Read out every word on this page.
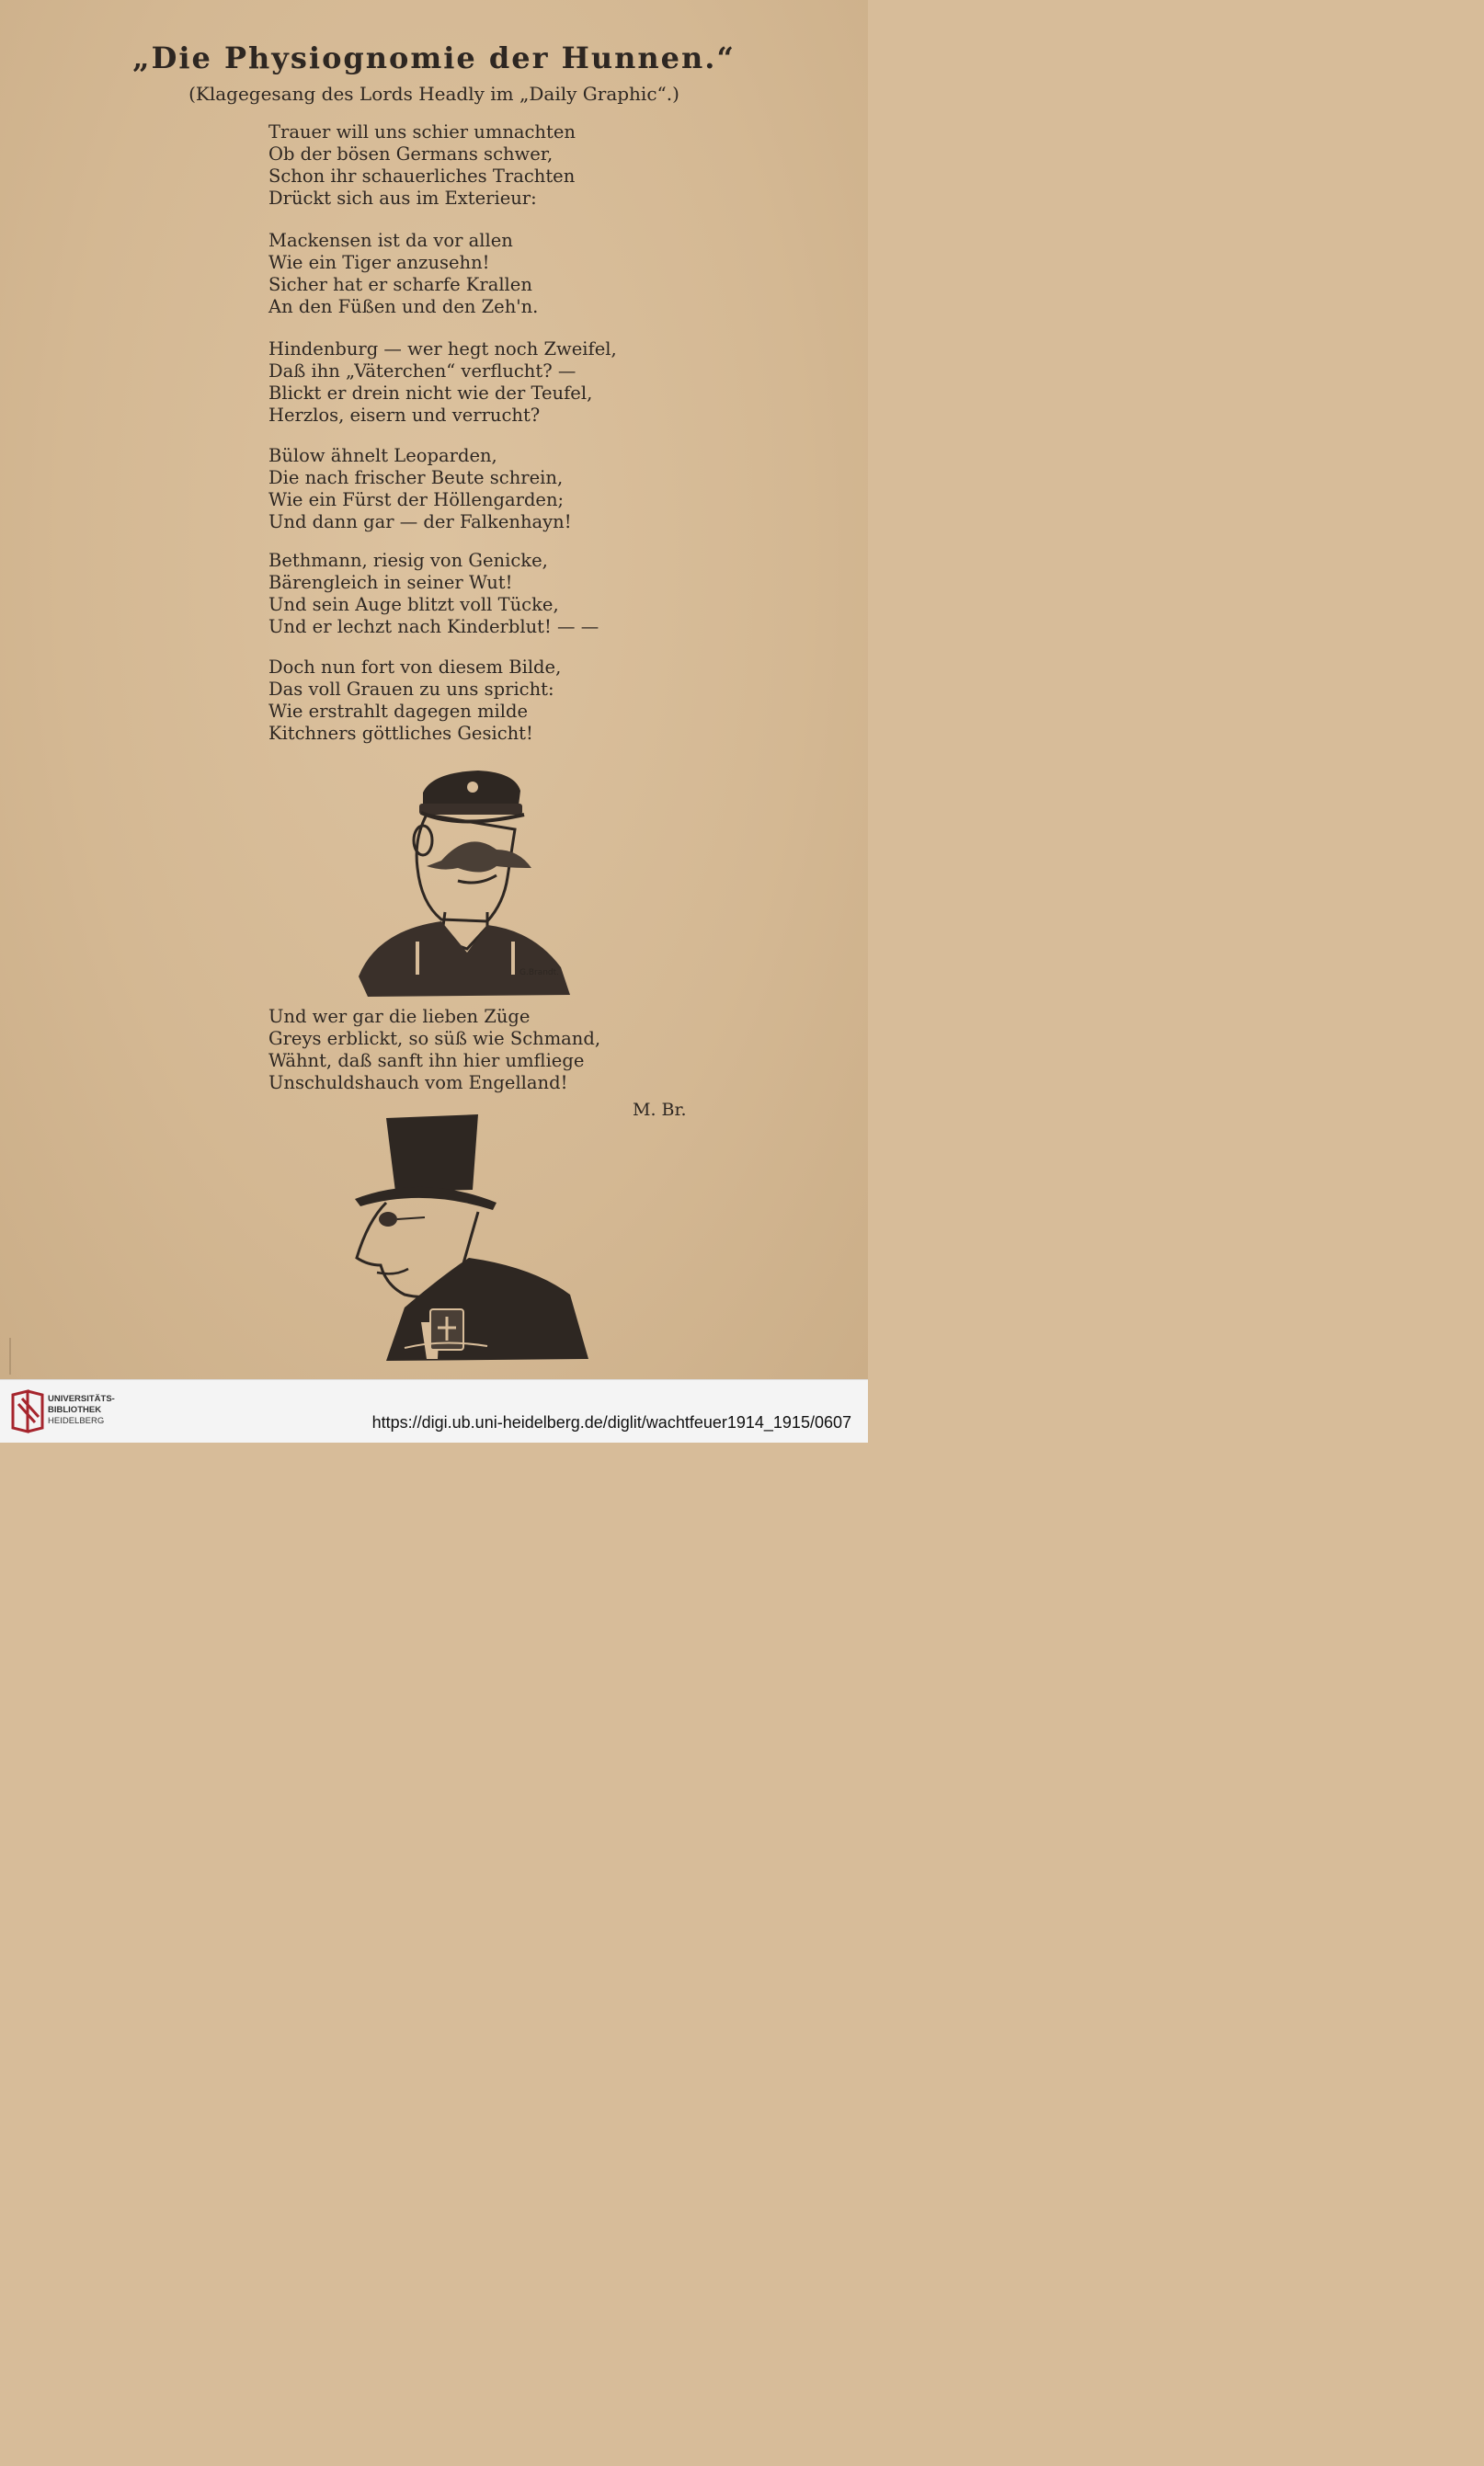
„Die Physiognomie der Hunnen.“
(Klagegesang des Lords Headly im „Daily Graphic“.)
Trauer will uns schier umnachten
Ob der bösen Germans schwer,
Schon ihr schauerliches Trachten
Drückt sich aus im Exterieur:
Mackensen ist da vor allen
Wie ein Tiger anzusehn!
Sicher hat er scharfe Krallen
An den Füßen und den Zeh'n.
Hindenburg — wer hegt noch Zweifel,
Daß ihn „Väterchen“ verflucht? —
Blickt er drein nicht wie der Teufel,
Herzlos, eisern und verrucht?
Bülow ähnelt Leoparden,
Die nach frischer Beute schrein,
Wie ein Fürst der Höllengarden;
Und dann gar — der Falkenhayn!
Bethmann, riesig von Genicke,
Bärengleich in seiner Wut!
Und sein Auge blitzt voll Tücke,
Und er lechzt nach Kinderblut! — —
Doch nun fort von diesem Bilde,
Das voll Grauen zu uns spricht:
Wie erstrahlt dagegen milde
Kitchners göttliches Gesicht!
G.Brandt.
Und wer gar die lieben Züge
Greys erblickt, so süß wie Schmand,
Wähnt, daß sanft ihn hier umfliege
Unschuldshauch vom Engelland!
M. Br.
UNIVERSITÄTS-
BIBLIOTHEK
HEIDELBERG	https://digi.ub.uni-heidelberg.de/diglit/wachtfeuer1914_1915/0607
